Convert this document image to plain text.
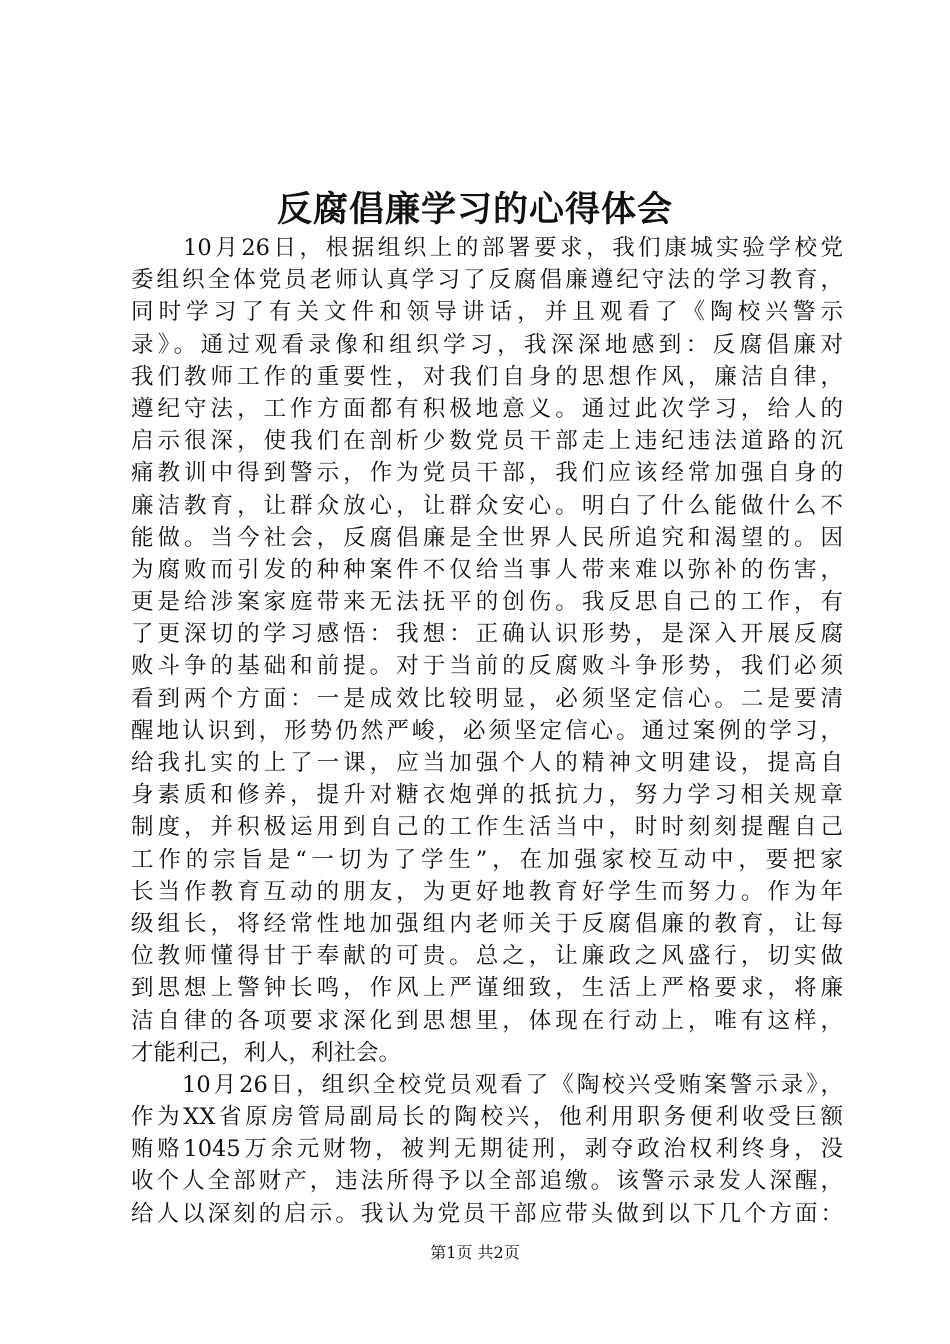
反腐倡廉学习的心得体会
　　10月26日，根据组织上的部署要求，我们康城实验学校党
委组织全体党员老师认真学习了反腐倡廉遵纪守法的学习教育，
同时学习了有关文件和领导讲话，并且观看了《陶校兴警示
录》。通过观看录像和组织学习，我深深地感到：反腐倡廉对
我们教师工作的重要性，对我们自身的思想作风，廉洁自律，
遵纪守法，工作方面都有积极地意义。通过此次学习，给人的
启示很深，使我们在剖析少数党员干部走上违纪违法道路的沉
痛教训中得到警示，作为党员干部，我们应该经常加强自身的
廉洁教育，让群众放心，让群众安心。明白了什么能做什么不
能做。当今社会，反腐倡廉是全世界人民所追究和渴望的。因
为腐败而引发的种种案件不仅给当事人带来难以弥补的伤害，
更是给涉案家庭带来无法抚平的创伤。我反思自己的工作，有
了更深切的学习感悟：我想：正确认识形势，是深入开展反腐
败斗争的基础和前提。对于当前的反腐败斗争形势，我们必须
看到两个方面：一是成效比较明显，必须坚定信心。二是要清
醒地认识到，形势仍然严峻，必须坚定信心。通过案例的学习，
给我扎实的上了一课，应当加强个人的精神文明建设，提高自
身素质和修养，提升对糖衣炮弹的抵抗力，努力学习相关规章
制度，并积极运用到自己的工作生活当中，时时刻刻提醒自己
工作的宗旨是“一切为了学生”，在加强家校互动中，要把家
长当作教育互动的朋友，为更好地教育好学生而努力。作为年
级组长，将经常性地加强组内老师关于反腐倡廉的教育，让每
位教师懂得甘于奉献的可贵。总之，让廉政之风盛行，切实做
到思想上警钟长鸣，作风上严谨细致，生活上严格要求，将廉
洁自律的各项要求深化到思想里，体现在行动上，唯有这样，
才能利己，利人，利社会。
　　10月26日，组织全校党员观看了《陶校兴受贿案警示录》，
作为XX省原房管局副局长的陶校兴，他利用职务便利收受巨额
贿赂1045万余元财物，被判无期徒刑，剥夺政治权利终身，没
收个人全部财产，违法所得予以全部追缴。该警示录发人深醒，
给人以深刻的启示。我认为党员干部应带头做到以下几个方面：
第1页 共2页
